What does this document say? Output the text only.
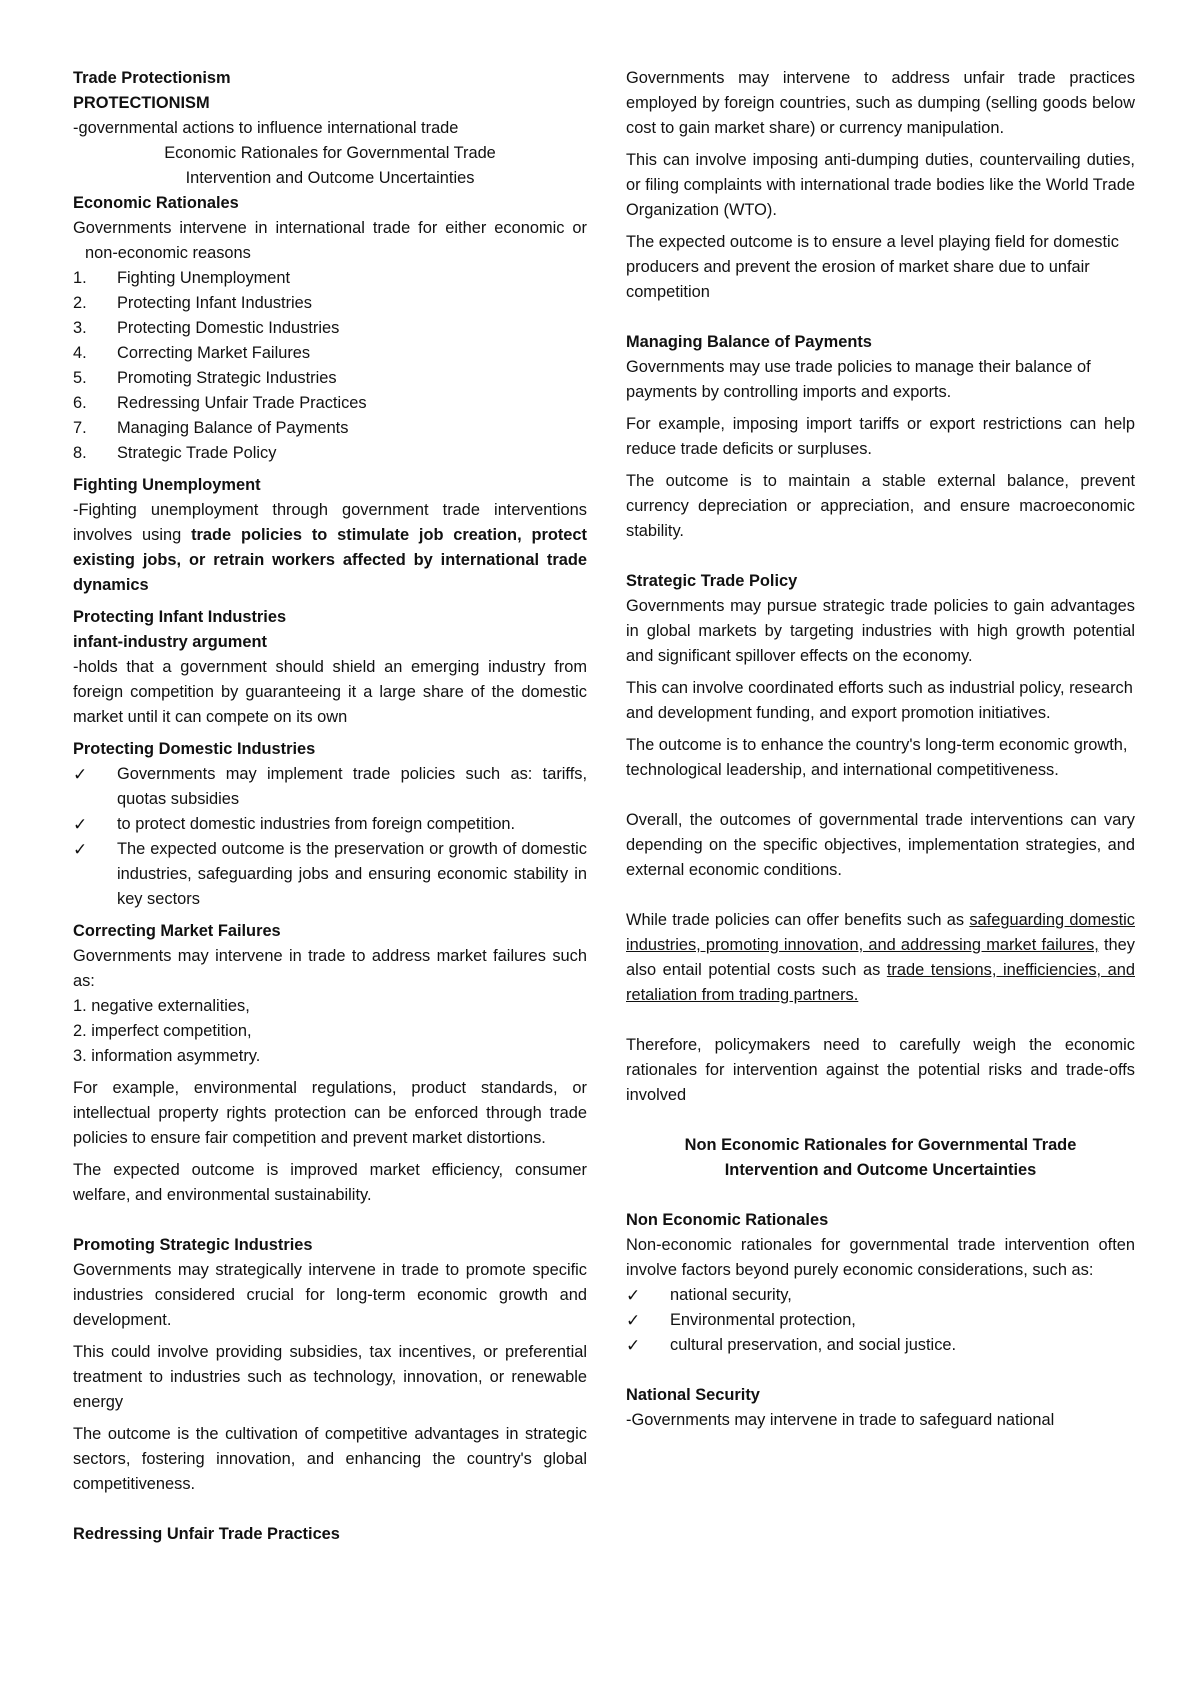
Trade Protectionism

PROTECTIONISM

-governmental actions to influence international trade

Economic Rationales for Governmental Trade Intervention and Outcome Uncertainties

Economic Rationales

Governments intervene in international trade for either economic or non-economic reasons

1.	Fighting Unemployment
2.	Protecting Infant Industries
3.	Protecting Domestic Industries
4.	Correcting Market Failures
5.	Promoting Strategic Industries
6.	Redressing Unfair Trade Practices
7.	Managing Balance of Payments
8.	Strategic Trade Policy

Fighting Unemployment

-Fighting unemployment through government trade interventions involves using trade policies to stimulate job creation, protect existing jobs, or retrain workers affected by international trade dynamics

Protecting Infant Industries

infant-industry argument

-holds that a government should shield an emerging industry from foreign competition by guaranteeing it a large share of the domestic market until it can compete on its own

Protecting Domestic Industries

✓	Governments may implement trade policies such as: tariffs, quotas subsidies
✓	to protect domestic industries from foreign competition.
✓	The expected outcome is the preservation or growth of domestic industries, safeguarding jobs and ensuring economic stability in key sectors

Correcting Market Failures

Governments may intervene in trade to address market failures such as:

1. negative externalities,

2. imperfect competition,

3. information asymmetry.

For example, environmental regulations, product standards, or intellectual property rights protection can be enforced through trade policies to ensure fair competition and prevent market distortions.

The expected outcome is improved market efficiency, consumer welfare, and environmental sustainability.

Promoting Strategic Industries

Governments may strategically intervene in trade to promote specific industries considered crucial for long-term economic growth and development.

This could involve providing subsidies, tax incentives, or preferential treatment to industries such as technology, innovation, or renewable energy

The outcome is the cultivation of competitive advantages in strategic sectors, fostering innovation, and enhancing the country's global competitiveness.

Redressing Unfair Trade Practices

Governments may intervene to address unfair trade practices employed by foreign countries, such as dumping (selling goods below cost to gain market share) or currency manipulation.

This can involve imposing anti-dumping duties, countervailing duties, or filing complaints with international trade bodies like the World Trade Organization (WTO).

The expected outcome is to ensure a level playing field for domestic producers and prevent the erosion of market share due to unfair competition

Managing Balance of Payments

Governments may use trade policies to manage their balance of payments by controlling imports and exports.

For example, imposing import tariffs or export restrictions can help reduce trade deficits or surpluses.

The outcome is to maintain a stable external balance, prevent currency depreciation or appreciation, and ensure macroeconomic stability.

Strategic Trade Policy

Governments may pursue strategic trade policies to gain advantages in global markets by targeting industries with high growth potential and significant spillover effects on the economy.

This can involve coordinated efforts such as industrial policy, research and development funding, and export promotion initiatives.

The outcome is to enhance the country's long-term economic growth, technological leadership, and international competitiveness.

Overall, the outcomes of governmental trade interventions can vary depending on the specific objectives, implementation strategies, and external economic conditions.

While trade policies can offer benefits such as safeguarding domestic industries, promoting innovation, and addressing market failures, they also entail potential costs such as trade tensions, inefficiencies, and retaliation from trading partners.

Therefore, policymakers need to carefully weigh the economic rationales for intervention against the potential risks and trade-offs involved

Non Economic Rationales for Governmental Trade Intervention and Outcome Uncertainties

Non Economic Rationales

Non-economic rationales for governmental trade intervention often involve factors beyond purely economic considerations, such as:

✓	national security,
✓	Environmental protection,
✓	cultural preservation, and social justice.

National Security

-Governments may intervene in trade to safeguard national
